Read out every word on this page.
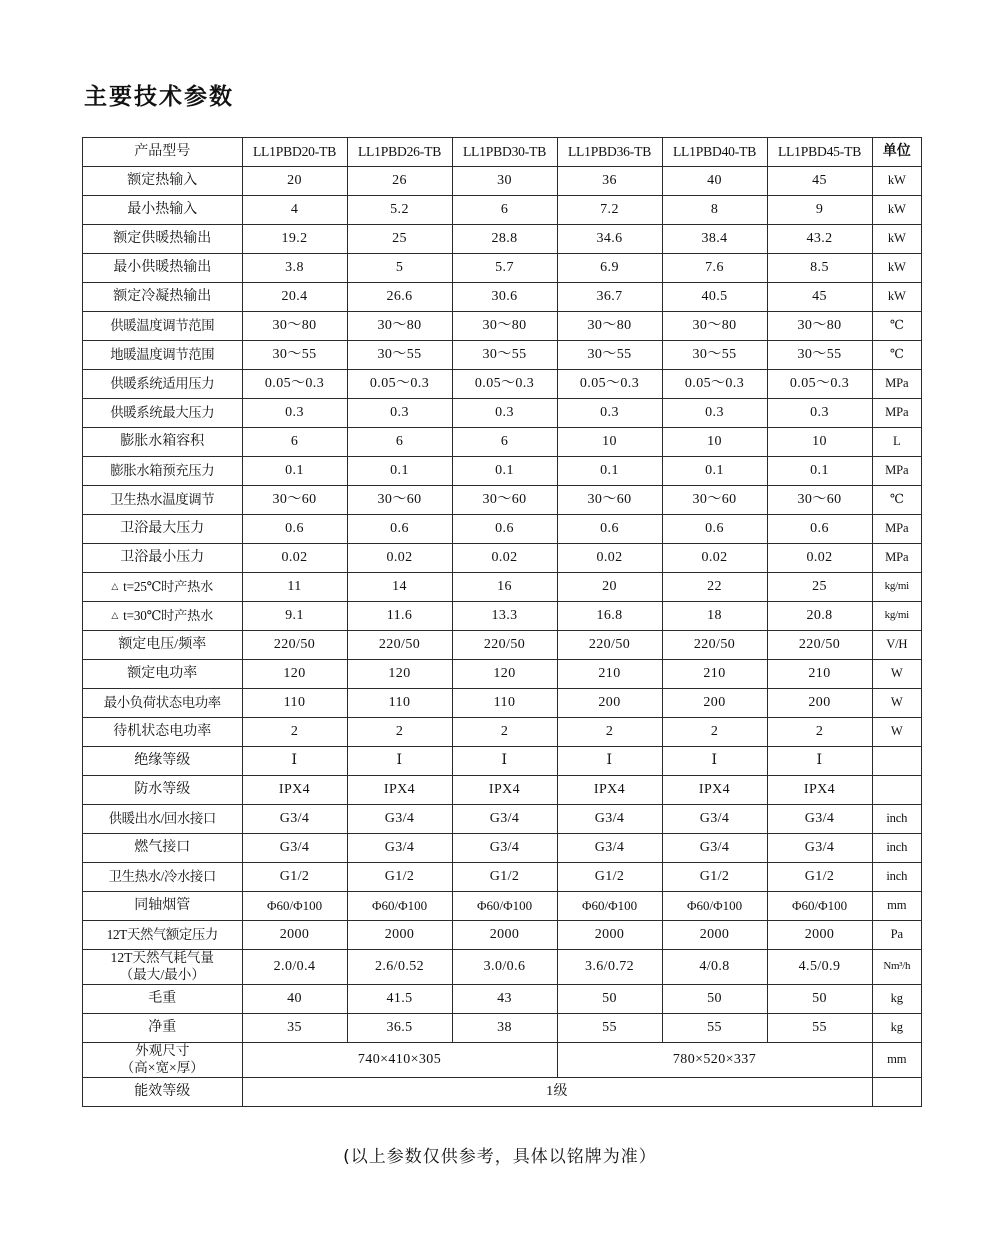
主要技术参数
产品型号	LL1PBD20-TB	LL1PBD26-TB	LL1PBD30-TB	LL1PBD36-TB	LL1PBD40-TB	LL1PBD45-TB	单位
额定热输入	20	26	30	36	40	45	kW
最小热输入	4	5.2	6	7.2	8	9	kW
额定供暖热输出	19.2	25	28.8	34.6	38.4	43.2	kW
最小供暖热输出	3.8	5	5.7	6.9	7.6	8.5	kW
额定冷凝热输出	20.4	26.6	30.6	36.7	40.5	45	kW
供暖温度调节范围	30～80	30～80	30～80	30～80	30～80	30～80	℃
地暖温度调节范围	30～55	30～55	30～55	30～55	30～55	30～55	℃
供暖系统适用压力	0.05～0.3	0.05～0.3	0.05～0.3	0.05～0.3	0.05～0.3	0.05～0.3	MPa
供暖系统最大压力	0.3	0.3	0.3	0.3	0.3	0.3	MPa
膨胀水箱容积	6	6	6	10	10	10	L
膨胀水箱预充压力	0.1	0.1	0.1	0.1	0.1	0.1	MPa
卫生热水温度调节	30～60	30～60	30～60	30～60	30～60	30～60	℃
卫浴最大压力	0.6	0.6	0.6	0.6	0.6	0.6	MPa
卫浴最小压力	0.02	0.02	0.02	0.02	0.02	0.02	MPa
△ t=25℃时产热水	11	14	16	20	22	25	kg/mi
△ t=30℃时产热水	9.1	11.6	13.3	16.8	18	20.8	kg/mi
额定电压/频率	220/50	220/50	220/50	220/50	220/50	220/50	V/H
额定电功率	120	120	120	210	210	210	W
最小负荷状态电功率	110	110	110	200	200	200	W
待机状态电功率	2	2	2	2	2	2	W
绝缘等级	Ⅰ	Ⅰ	Ⅰ	Ⅰ	Ⅰ	Ⅰ	
防水等级	IPX4	IPX4	IPX4	IPX4	IPX4	IPX4	
供暖出水/回水接口	G3/4	G3/4	G3/4	G3/4	G3/4	G3/4	inch
燃气接口	G3/4	G3/4	G3/4	G3/4	G3/4	G3/4	inch
卫生热水/冷水接口	G1/2	G1/2	G1/2	G1/2	G1/2	G1/2	inch
同轴烟管	Φ60/Φ100	Φ60/Φ100	Φ60/Φ100	Φ60/Φ100	Φ60/Φ100	Φ60/Φ100	mm
12T天然气额定压力	2000	2000	2000	2000	2000	2000	Pa

12T天然气耗气量
（最大/最小）	2.0/0.4	2.6/0.52	3.0/0.6	3.6/0.72	4/0.8	4.5/0.9	Nm³/h
毛重	40	41.5	43	50	50	50	kg
净重	35	36.5	38	55	55	55	kg

外观尺寸
（高×宽×厚）	740×410×305			780×520×337			mm
能效等级	1级						
(以上参数仅供参考，具体以铭牌为准）
